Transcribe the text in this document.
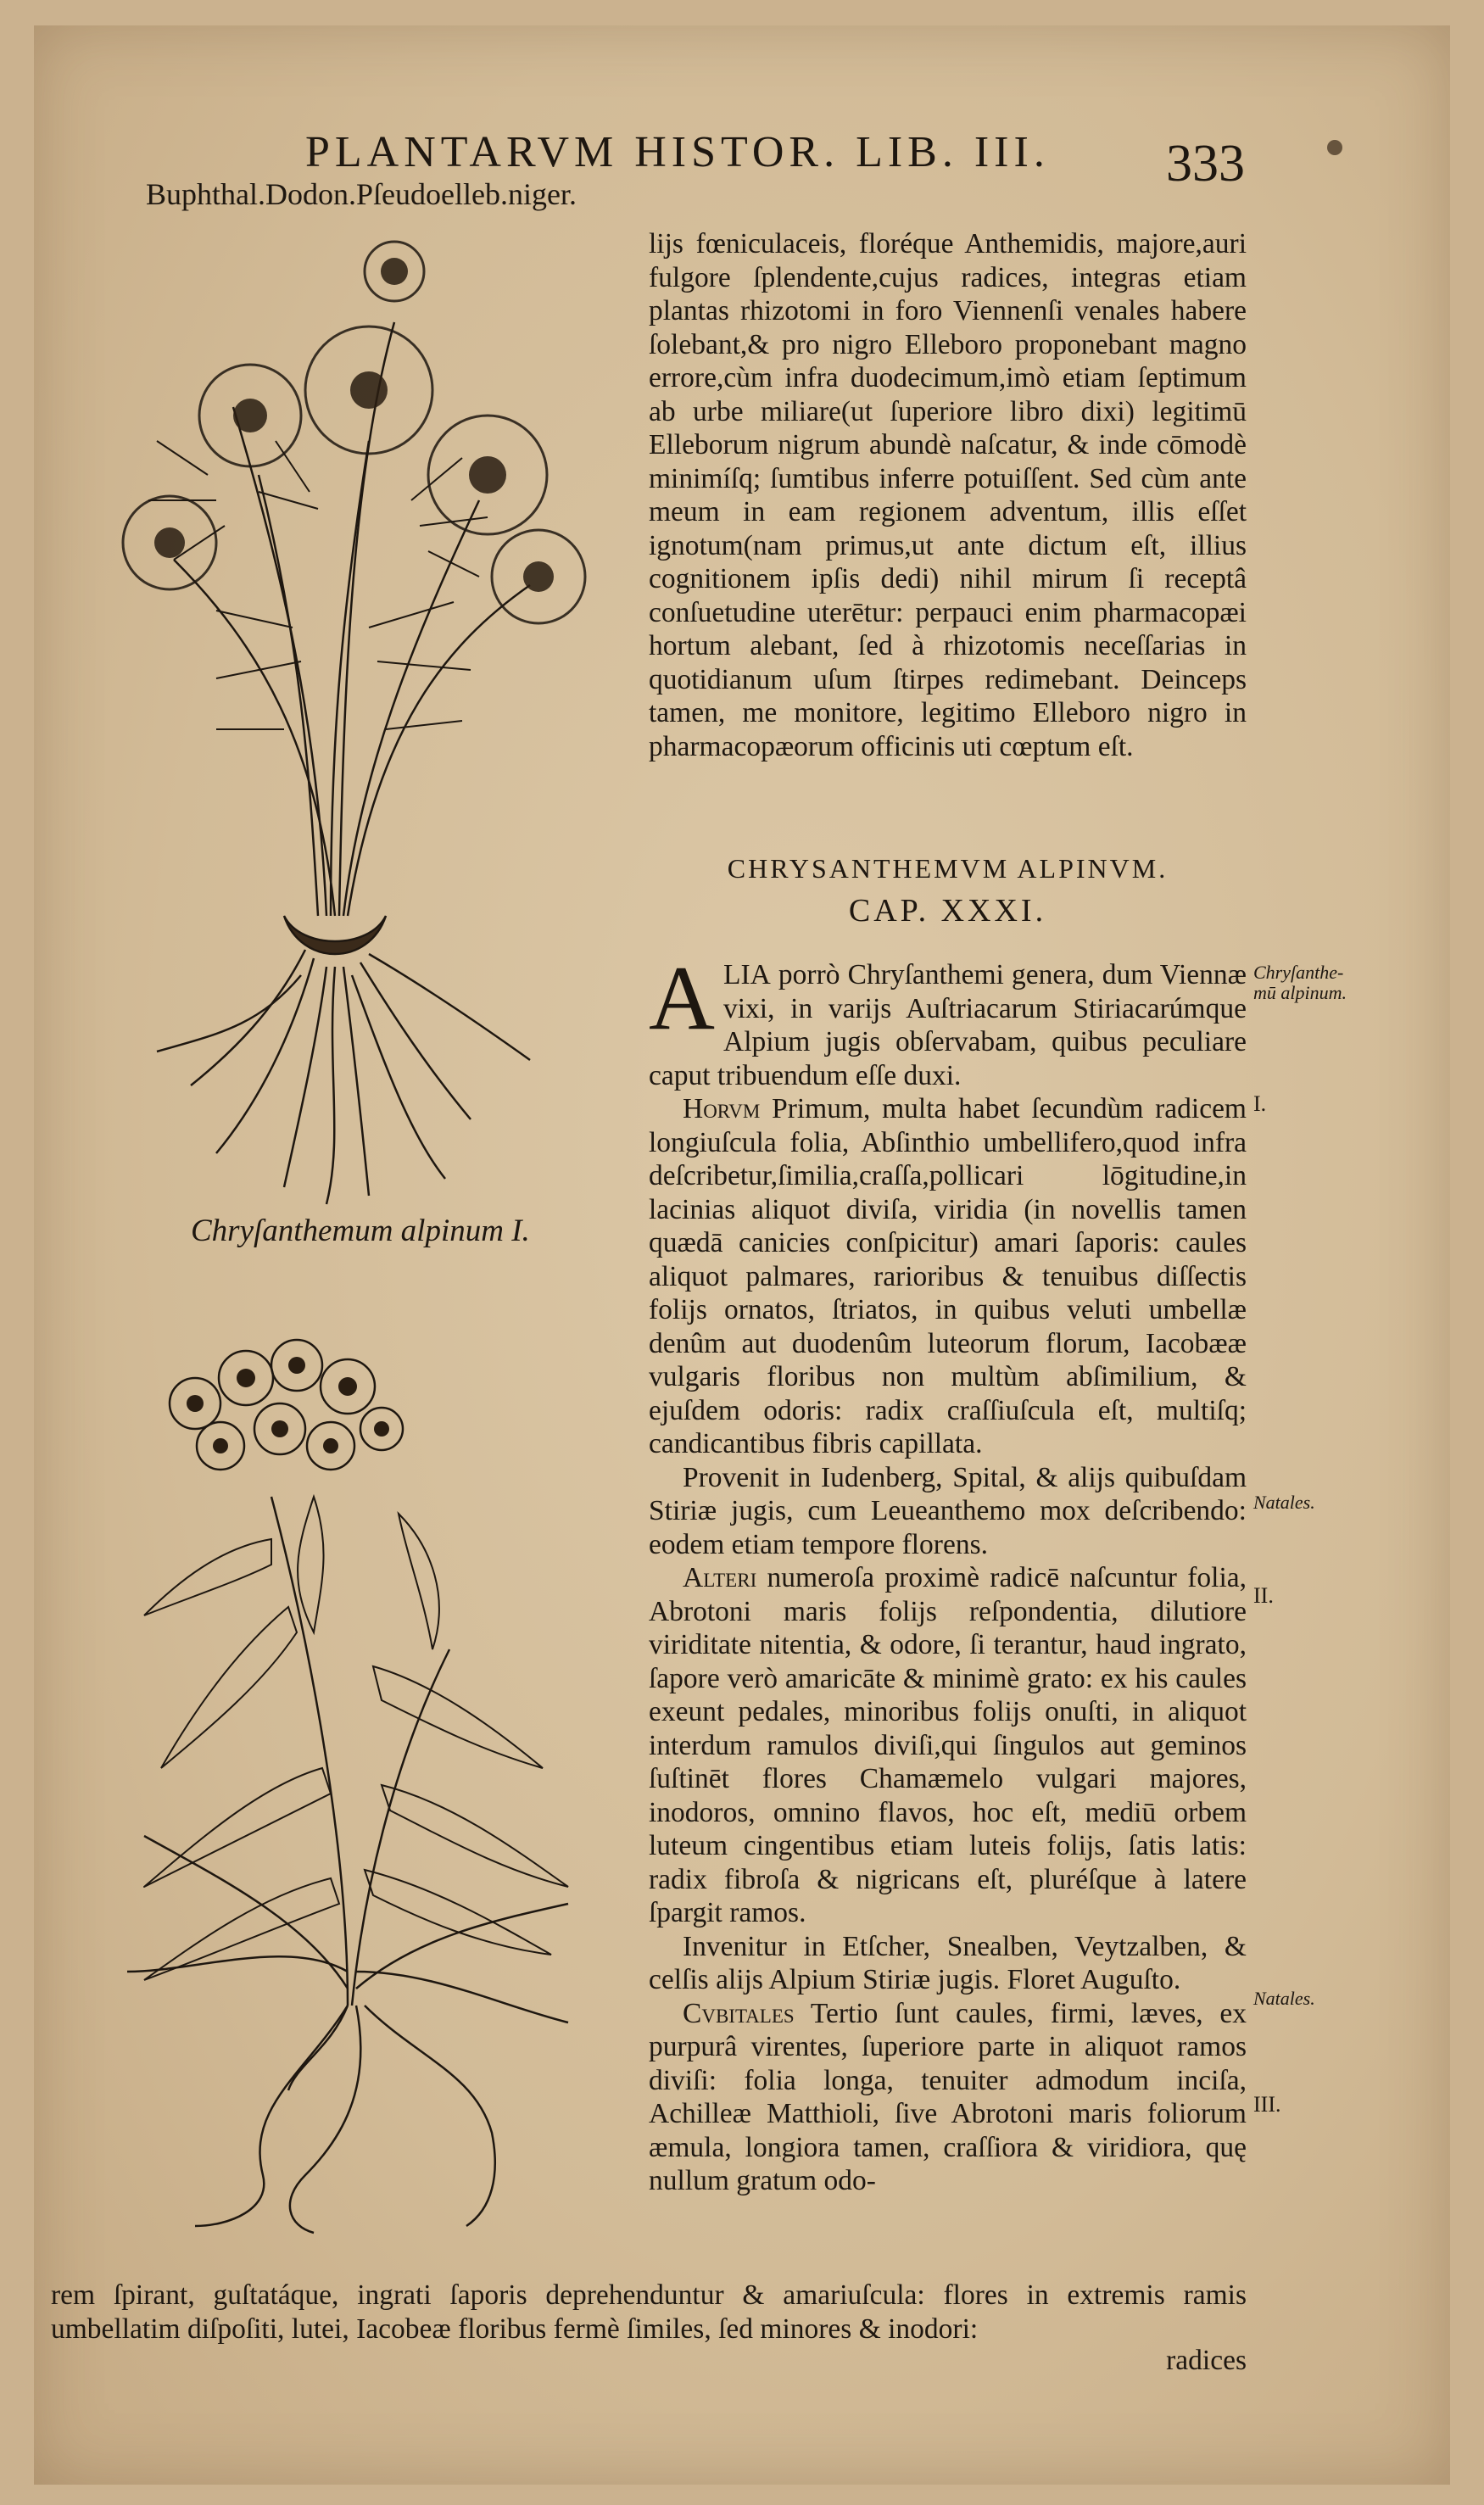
PLANTARVM HISTOR. LIB. III.	333
Buphthal.Dodon.Pſeudoelleb.niger.
Chryſanthemum alpinum I.

lijs fœniculaceis, floréque Anthemidis, majore,auri fulgore ſplendente,cujus radices, integras etiam plantas rhizotomi in foro Viennenſi venales habere ſolebant,& pro nigro Elleboro proponebant magno errore,cùm infra duodecimum,imò etiam ſeptimum ab urbe miliare(ut ſuperiore libro dixi) legitimū Elleborum nigrum abundè naſcatur, & inde cōmodè minimíſq; ſumtibus inferre potuiſſent. Sed cùm ante meum in eam regionem adventum, illis eſſet ignotum(nam primus,ut ante dictum eſt, illius cognitionem ipſis dedi) nihil mirum ſi receptâ conſuetudine uterētur: perpauci enim pharmacopæi hortum alebant, ſed à rhizotomis neceſſarias in quotidianum uſum ſtirpes redimebant. Deinceps tamen, me monitore, legitimo Elleboro nigro in pharmacopæorum officinis uti cœptum eſt.

CHRYSANTHEMVM ALPINVM.
CAP. XXXI.

ALIA porrò Chryſanthemi genera, dum Viennæ vixi, in varijs Auſtriacarum Stiriacarúmque Alpium jugis obſervabam, quibus peculiare caput tribuendum eſſe duxi.

Horvm Primum, multa habet ſecundùm radicem longiuſcula folia, Abſinthio umbellifero,quod infra deſcribetur,ſimilia,craſſa,pollicari lōgitudine,in lacinias aliquot diviſa, viridia (in novellis tamen quædā canicies conſpicitur) amari ſaporis: caules aliquot palmares, rarioribus & tenuibus diſſectis folijs ornatos, ſtriatos, in quibus veluti umbellæ denûm aut duodenûm luteorum florum, Iacobææ vulgaris floribus non multùm abſimilium, & ejuſdem odoris: radix craſſiuſcula eſt, multiſq; candicantibus fibris capillata.

Provenit in Iudenberg, Spital, & alijs quibuſdam Stiriæ jugis, cum Leueanthemo mox deſcribendo: eodem etiam tempore florens.

Alteri numeroſa proximè radicē naſcuntur folia, Abrotoni maris folijs reſpondentia, dilutiore viriditate nitentia, & odore, ſi terantur, haud ingrato, ſapore verò amaricāte & minimè grato: ex his caules exeunt pedales, minoribus folijs onuſti, in aliquot interdum ramulos diviſi,qui ſingulos aut geminos ſuſtinēt flores Chamæmelo vulgari majores, inodoros, omnino flavos, hoc eſt, mediū orbem luteum cingentibus etiam luteis folijs, ſatis latis: radix fibroſa & nigricans eſt, pluréſque à latere ſpargit ramos.

Invenitur in Etſcher, Snealben, Veytzalben, & celſis alijs Alpium Stiriæ jugis. Floret Auguſto.

Cvbitales Tertio ſunt caules, firmi, læves, ex purpurâ virentes, ſuperiore parte in aliquot ramos diviſi: folia longa, tenuiter admodum inciſa, Achilleæ Matthioli, ſive Abrotoni maris foliorum æmula, longiora tamen, craſſiora & viridiora, quę nullum gratum odo-

rem ſpirant, guſtatáque, ingrati ſaporis deprehenduntur & amariuſcula: flores in extremis ramis umbellatim diſpoſiti, lutei, Iacobeæ floribus fermè ſimiles, ſed minores & inodori:

radices
Chryſanthe-mū alpinum.
I.
Natales.
II.
Natales.
III.
